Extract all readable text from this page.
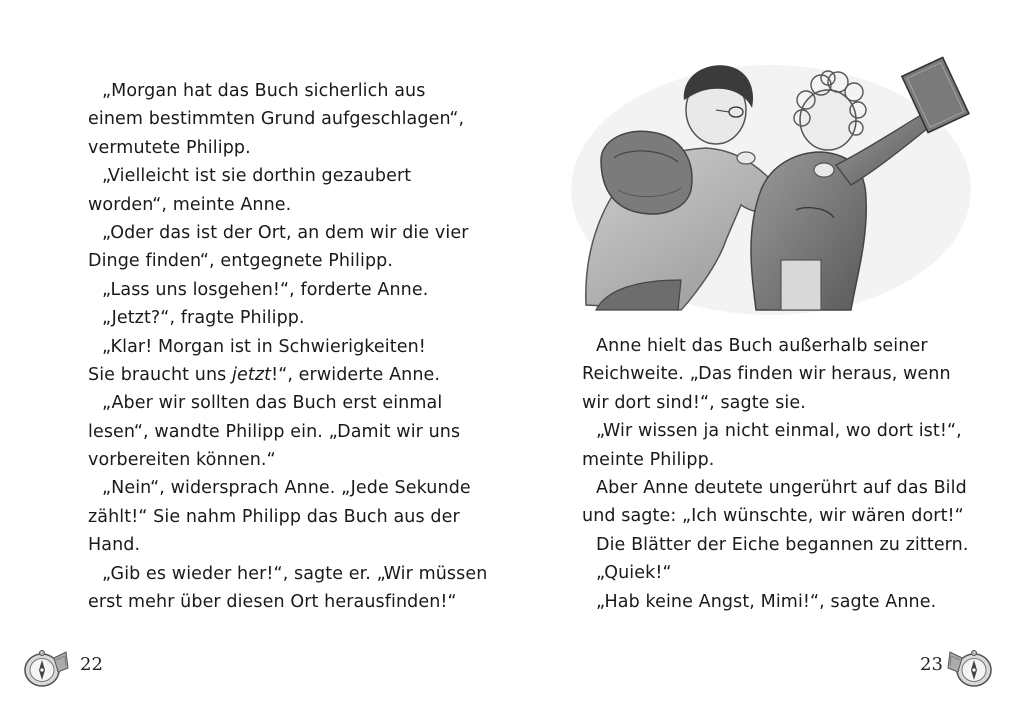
„Morgan hat das Buch sicherlich aus
einem bestimmten Grund aufgeschlagen“,
vermutete Philipp.
„Vielleicht ist sie dorthin gezaubert
worden“, meinte Anne.
„Oder das ist der Ort, an dem wir die vier
Dinge finden“, entgegnete Philipp.
„Lass uns losgehen!“, forderte Anne.
„Jetzt?“, fragte Philipp.
„Klar! Morgan ist in Schwierigkeiten!
Sie braucht uns jetzt!“, erwiderte Anne.
„Aber wir sollten das Buch erst einmal
lesen“, wandte Philipp ein. „Damit wir uns
vorbereiten können.“
„Nein“, widersprach Anne. „Jede Sekunde
zählt!“ Sie nahm Philipp das Buch aus der
Hand.
„Gib es wieder her!“, sagte er. „Wir müssen
erst mehr über diesen Ort herausfinden!“
22
Anne hielt das Buch außerhalb seiner
Reichweite. „Das finden wir heraus, wenn
wir dort sind!“, sagte sie.
„Wir wissen ja nicht einmal, wo dort ist!“,
meinte Philipp.
Aber Anne deutete ungerührt auf das Bild
und sagte: „Ich wünschte, wir wären dort!“
Die Blätter der Eiche begannen zu zittern.
„Quiek!“
„Hab keine Angst, Mimi!“, sagte Anne.
23
